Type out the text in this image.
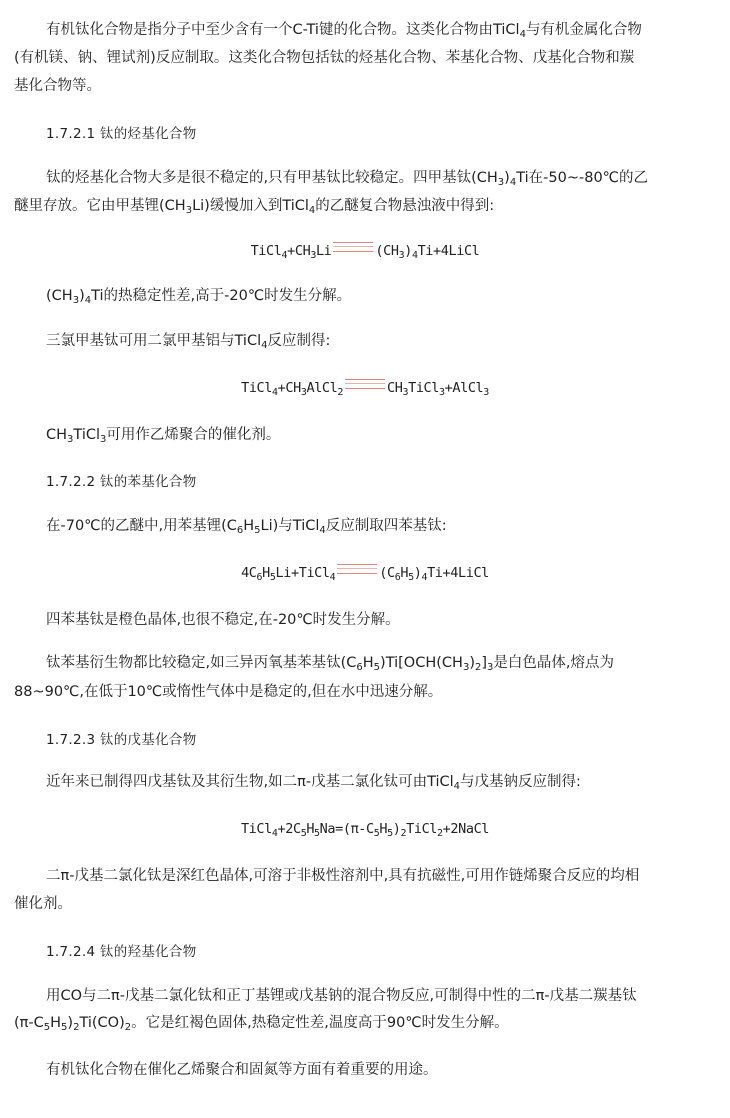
有机钛化合物是指分子中至少含有一个C-Ti键的化合物。这类化合物由TiCl$_4$与有机金属化合物

(有机镁、钠、锂试剂)反应制取。这类化合物包括钛的烃基化合物、苯基化合物、戊基化合物和羰

基化合物等。

1.7.2.1 钛的烃基化合物

钛的烃基化合物大多是很不稳定的,只有甲基钛比较稳定。四甲基钛$(CH_3)_4Ti$在-50~-80℃的乙

醚里存放。它由甲基锂$(CH_3Li)$缓慢加入到TiCl$_4$的乙醚复合物悬浊液中得到:

$TiCl_4+CH_3Li$	$(CH_3)_4Ti+4LiCl$

$(CH_3)_4Ti$的热稳定性差,高于-20℃时发生分解。

三氯甲基钛可用二氯甲基铝与TiCl$_4$反应制得:

$TiCl_4+CH_3AlCl_2$	$CH_3TiCl_3+AlCl_3$

$CH_3TiCl_3$可用作乙烯聚合的催化剂。

1.7.2.2 钛的苯基化合物

在-70℃的乙醚中,用苯基锂$(C_6H_5Li)$与TiCl$_4$反应制取四苯基钛:

$4C_6H_5Li+TiCl_4$	$(C_6H_5)_4Ti+4LiCl$

四苯基钛是橙色晶体,也很不稳定,在-20℃时发生分解。

钛苯基衍生物都比较稳定,如三异丙氧基苯基钛$(C_6H_5)Ti[OCH(CH_3)_2]_3$是白色晶体,熔点为

88~90℃,在低于10℃或惰性气体中是稳定的,但在水中迅速分解。

1.7.2.3 钛的戊基化合物

近年来已制得四戊基钛及其衍生物,如二π-戊基二氯化钛可由TiCl$_4$与戊基钠反应制得:

$TiCl_4+2C_5H_5Na=(\pi-C_5H_5)_2TiCl_2+2NaCl$

二π-戊基二氯化钛是深红色晶体,可溶于非极性溶剂中,具有抗磁性,可用作链烯聚合反应的均相

催化剂。

1.7.2.4 钛的羟基化合物

用CO与二π-戊基二氯化钛和正丁基锂或戊基钠的混合物反应,可制得中性的二π-戊基二羰基钛

$(\pi-C_5H_5)_2Ti(CO)_2$。它是红褐色固体,热稳定性差,温度高于90℃时发生分解。

有机钛化合物在催化乙烯聚合和固氮等方面有着重要的用途。
